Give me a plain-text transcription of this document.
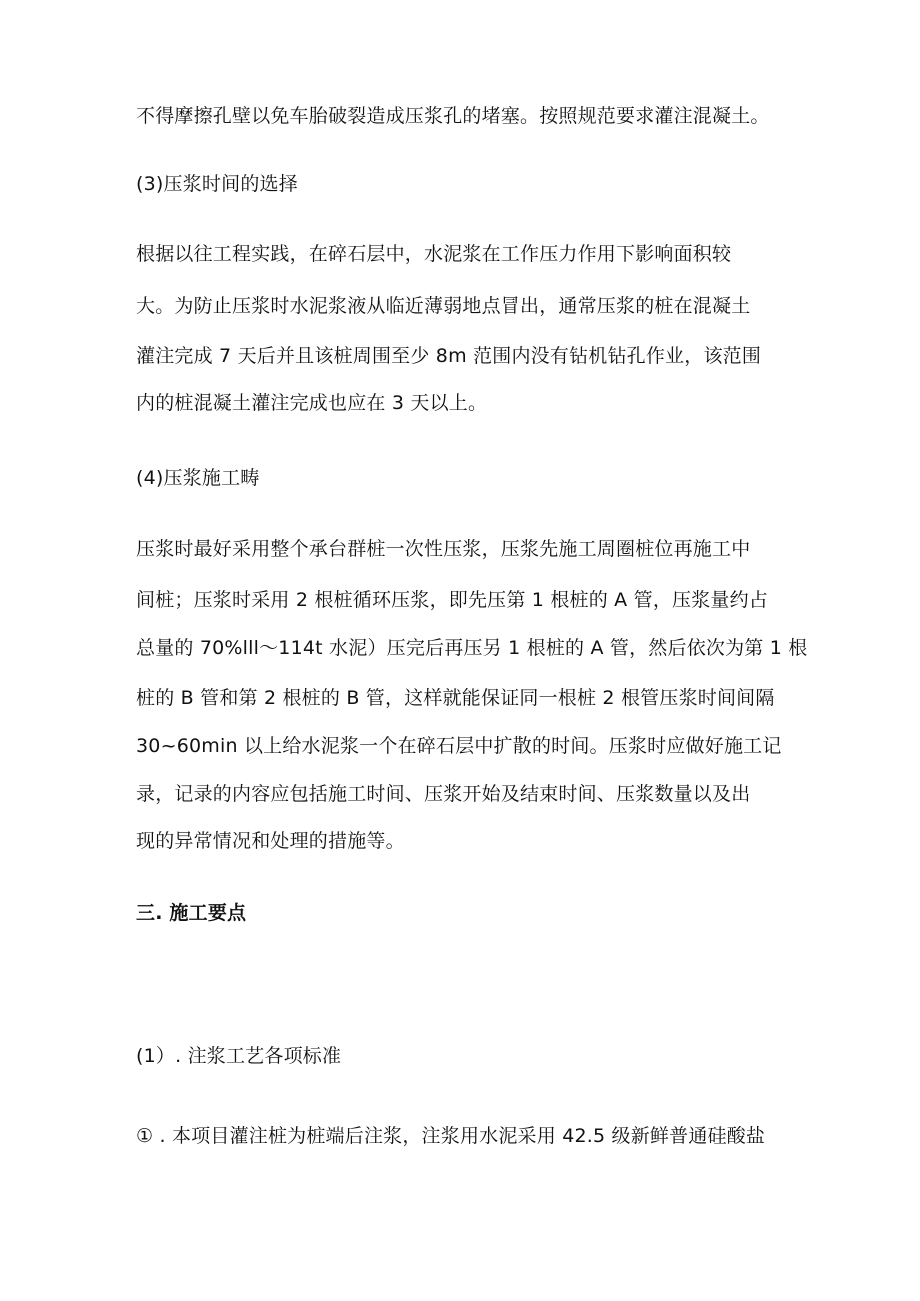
不得摩擦孔壁以免车胎破裂造成压浆孔的堵塞。按照规范要求灌注混凝土。
(3)压浆时间的选择
根据以往工程实践，在碎石层中，水泥浆在工作压力作用下影响面积较
大。为防止压浆时水泥浆液从临近薄弱地点冒出，通常压浆的桩在混凝土
灌注完成 7 天后并且该桩周围至少 8m 范围内没有钻机钻孔作业，该范围
内的桩混凝土灌注完成也应在 3 天以上。
(4)压浆施工畴
压浆时最好采用整个承台群桩一次性压浆，压浆先施工周圈桩位再施工中
间桩；压浆时采用 2 根桩循环压浆，即先压第 1 根桩的 A 管，压浆量约占
总量的 70%lll～114t 水泥）压完后再压另 1 根桩的 A 管，然后依次为第 1 根
桩的 B 管和第 2 根桩的 B 管，这样就能保证同一根桩 2 根管压浆时间间隔
30~60min 以上给水泥浆一个在碎石层中扩散的时间。压浆时应做好施工记
录，记录的内容应包括施工时间、压浆开始及结束时间、压浆数量以及出
现的异常情况和处理的措施等。
三. 施工要点
(1）. 注浆工艺各项标准
① . 本项目灌注桩为桩端后注浆，注浆用水泥采用 42.5 级新鲜普通硅酸盐
